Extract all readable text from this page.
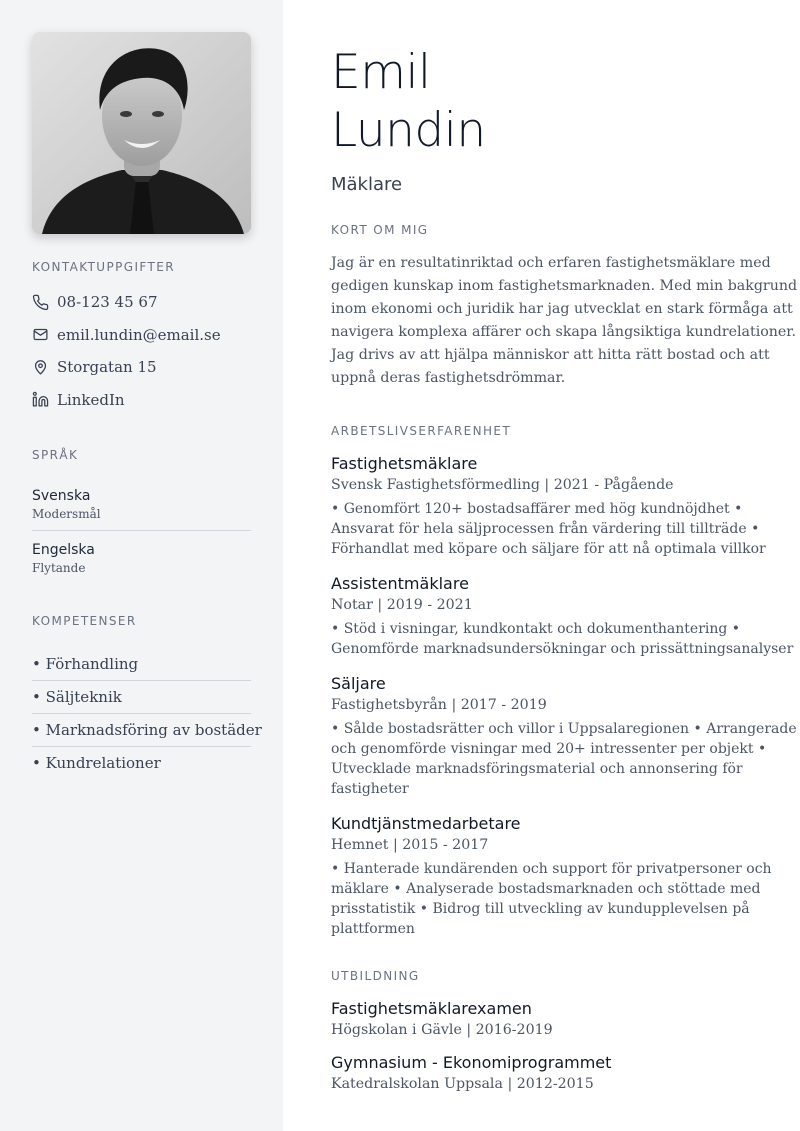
KONTAKTUPPGIFTER
08-123 45 67
emil.lundin@email.se
Storgatan 15
LinkedIn
SPRÅK
Svenska
Modersmål
Engelska
Flytande
KOMPETENSER
• Förhandling
• Säljteknik
• Marknadsföring av bostäder
• Kundrelationer
Emil
Lundin
Mäklare
KORT OM MIG

Jag är en resultatinriktad och erfaren fastighetsmäklare med gedigen kunskap inom fastighetsmarknaden. Med min bakgrund inom ekonomi och juridik har jag utvecklat en stark förmåga att navigera komplexa affärer och skapa långsiktiga kundrelationer. Jag drivs av att hjälpa människor att hitta rätt bostad och att uppnå deras fastighetsdrömmar.

ARBETSLIVSERFARENHET
Fastighetsmäklare
Svensk Fastighetsförmedling | 2021 - Pågående
• Genomfört 120+ bostadsaffärer med hög kundnöjdhet • Ansvarat för hela säljprocessen från värdering till tillträde • Förhandlat med köpare och säljare för att nå optimala villkor
Assistentmäklare
Notar | 2019 - 2021
• Stöd i visningar, kundkontakt och dokumenthantering • Genomförde marknadsundersökningar och prissättningsanalyser
Säljare
Fastighetsbyrån | 2017 - 2019
• Sålde bostadsrätter och villor i Uppsalaregionen • Arrangerade och genomförde visningar med 20+ intressenter per objekt • Utvecklade marknadsföringsmaterial och annonsering för fastigheter
Kundtjänstmedarbetare
Hemnet | 2015 - 2017
• Hanterade kundärenden och support för privatpersoner och mäklare • Analyserade bostadsmarknaden och stöttade med prisstatistik • Bidrog till utveckling av kundupplevelsen på plattformen
UTBILDNING
Fastighetsmäklarexamen
Högskolan i Gävle | 2016-2019
Gymnasium - Ekonomiprogrammet
Katedralskolan Uppsala | 2012-2015
